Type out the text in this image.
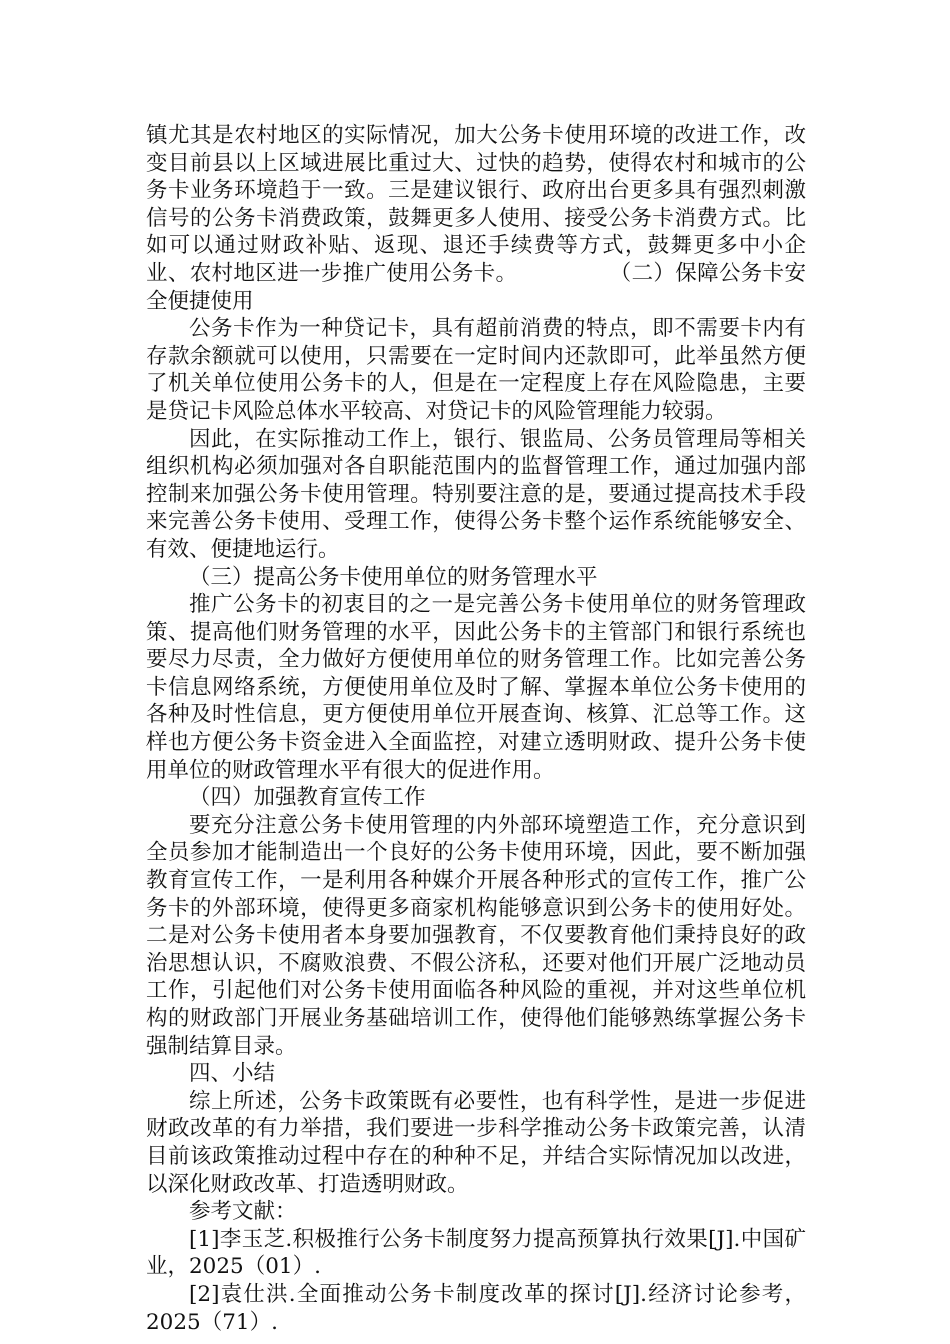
镇尤其是农村地区的实际情况，加大公务卡使用环境的改进工作，改变目前县以上区域进展比重过大、过快的趋势，使得农村和城市的公务卡业务环境趋于一致。三是建议银行、政府出台更多具有强烈刺激信号的公务卡消费政策，鼓舞更多人使用、接受公务卡消费方式。比如可以通过财政补贴、返现、退还手续费等方式，鼓舞更多中小企业、农村地区进一步推广使用公务卡。	（二）保障公务卡安全便捷使用

公务卡作为一种贷记卡，具有超前消费的特点，即不需要卡内有存款余额就可以使用，只需要在一定时间内还款即可，此举虽然方便了机关单位使用公务卡的人，但是在一定程度上存在风险隐患，主要是贷记卡风险总体水平较高、对贷记卡的风险管理能力较弱。

因此，在实际推动工作上，银行、银监局、公务员管理局等相关组织机构必须加强对各自职能范围内的监督管理工作，通过加强内部控制来加强公务卡使用管理。特别要注意的是，要通过提高技术手段来完善公务卡使用、受理工作，使得公务卡整个运作系统能够安全、有效、便捷地运行。

（三）提高公务卡使用单位的财务管理水平

推广公务卡的初衷目的之一是完善公务卡使用单位的财务管理政策、提高他们财务管理的水平，因此公务卡的主管部门和银行系统也要尽力尽责，全力做好方便使用单位的财务管理工作。比如完善公务卡信息网络系统，方便使用单位及时了解、掌握本单位公务卡使用的各种及时性信息，更方便使用单位开展查询、核算、汇总等工作。这样也方便公务卡资金进入全面监控，对建立透明财政、提升公务卡使用单位的财政管理水平有很大的促进作用。

（四）加强教育宣传工作

要充分注意公务卡使用管理的内外部环境塑造工作，充分意识到全员参加才能制造出一个良好的公务卡使用环境，因此，要不断加强教育宣传工作，一是利用各种媒介开展各种形式的宣传工作，推广公务卡的外部环境，使得更多商家机构能够意识到公务卡的使用好处。二是对公务卡使用者本身要加强教育，不仅要教育他们秉持良好的政治思想认识，不腐败浪费、不假公济私，还要对他们开展广泛地动员工作，引起他们对公务卡使用面临各种风险的重视，并对这些单位机构的财政部门开展业务基础培训工作，使得他们能够熟练掌握公务卡强制结算目录。

四、小结

综上所述，公务卡政策既有必要性，也有科学性，是进一步促进财政改革的有力举措，我们要进一步科学推动公务卡政策完善，认清目前该政策推动过程中存在的种种不足，并结合实际情况加以改进，以深化财政改革、打造透明财政。

参考文献：

[1]李玉芝.积极推行公务卡制度努力提高预算执行效果[J].中国矿业，2025（01）.

[2]袁仕洪.全面推动公务卡制度改革的探讨[J].经济讨论参考，2025（71）.
